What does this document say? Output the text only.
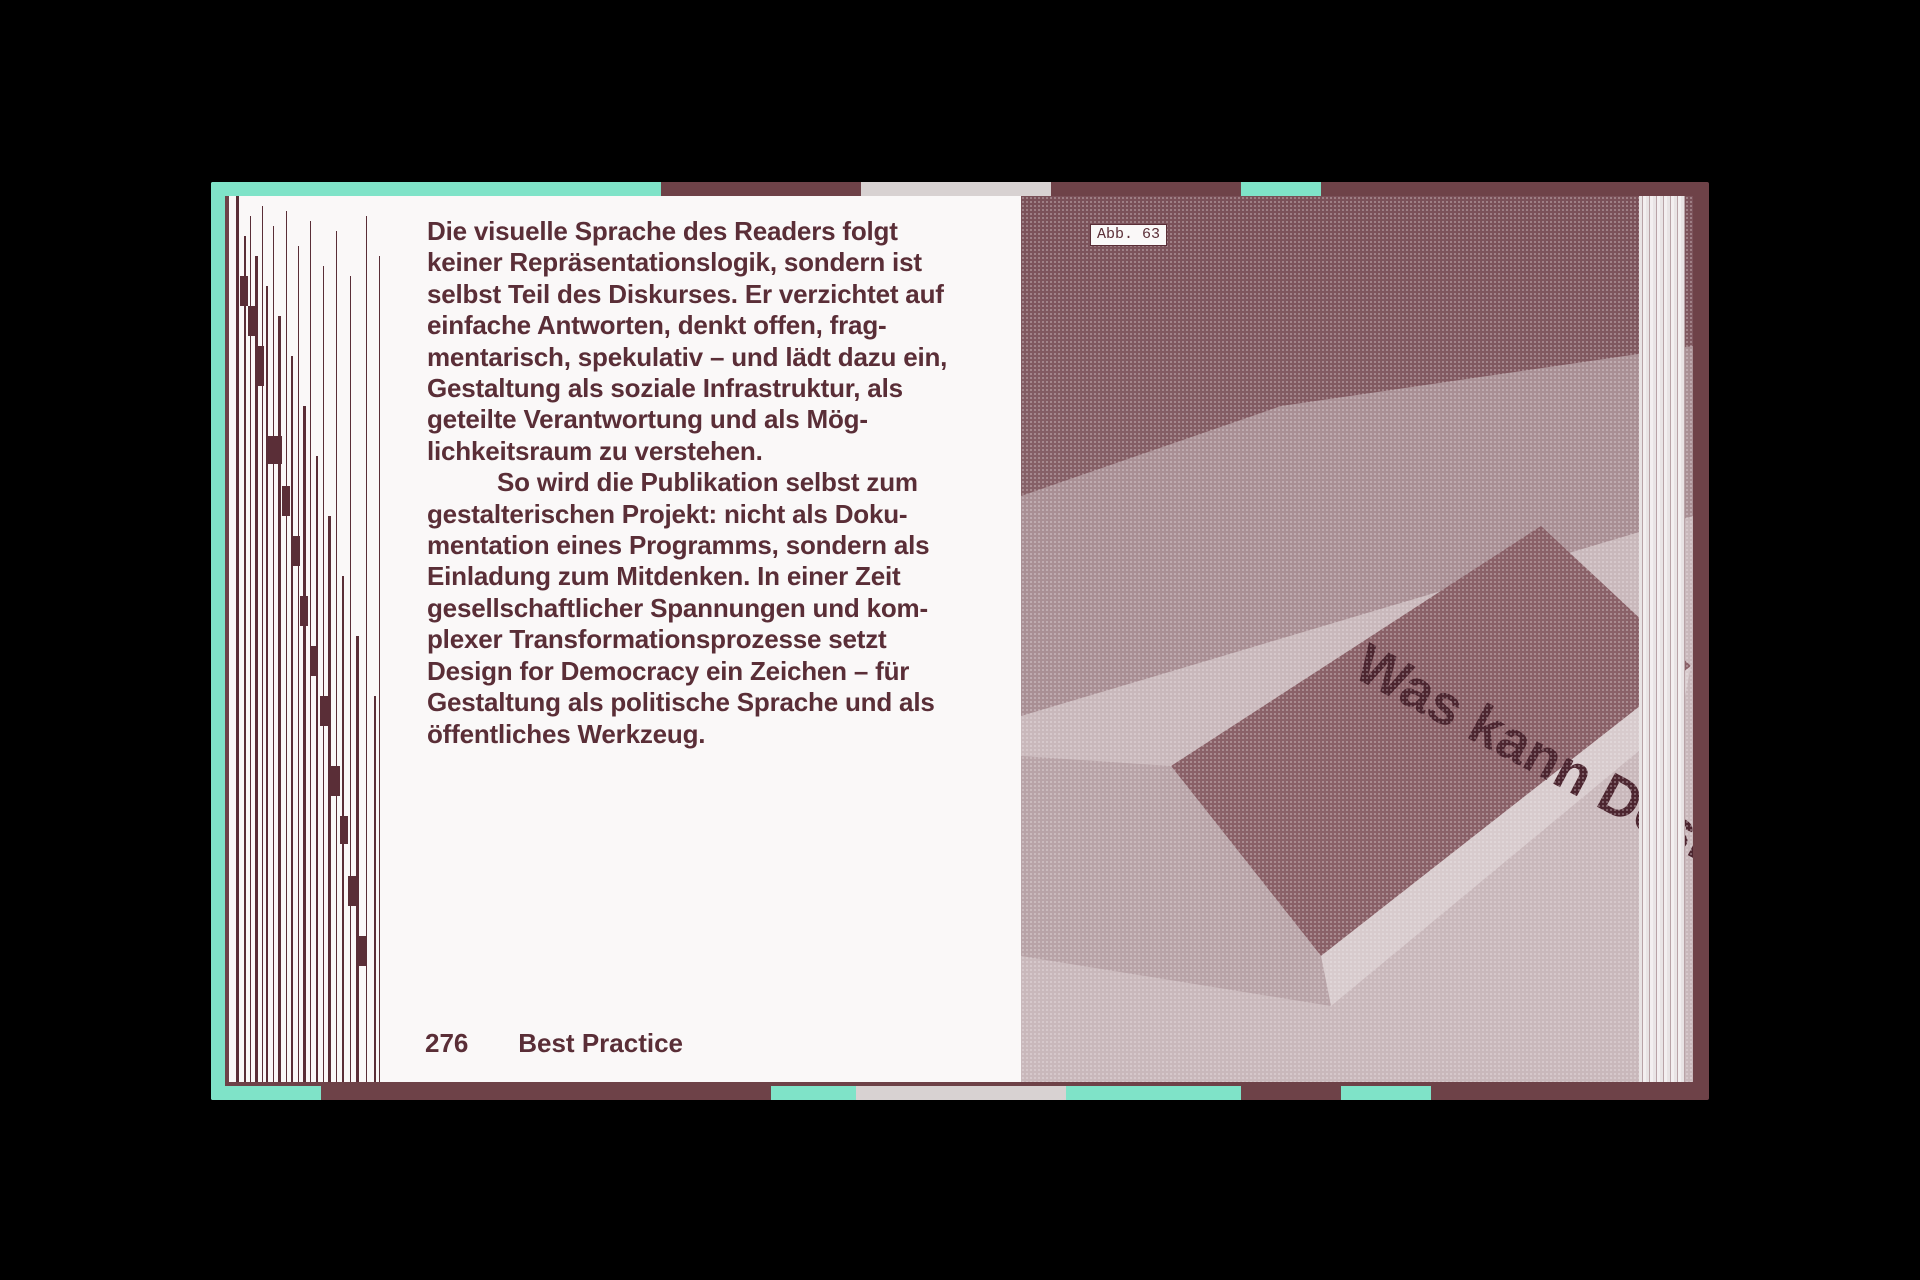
Die visuelle Sprache des Readers folgt keiner Repräsentationslogik, sondern ist selbst Teil des Diskurses. Er verzichtet auf einfache Antworten, denkt offen, frag-mentarisch, spekulativ – und lädt dazu ein, Gestaltung als soziale Infrastruktur, als geteilte Verantwortung und als Mög-lichkeitsraum zu verstehen.

So wird die Publikation selbst zum gestalterischen Projekt: nicht als Doku-mentation eines Programms, sondern als Einladung zum Mitdenken. In einer Zeit gesellschaftlicher Spannungen und kom-plexer Transformationsprozesse setzt Design for Democracy ein Zeichen – für Gestaltung als politische Sprache und als öffentliches Werkzeug.

276 Best Practice
Abb. 63
